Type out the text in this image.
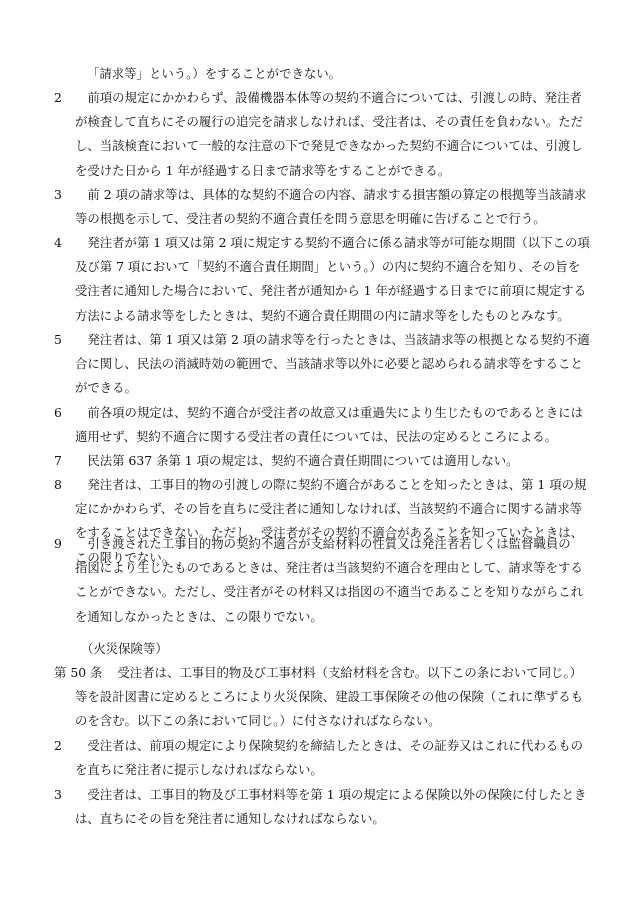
「請求等」という。）をすることができない。
2 　前項の規定にかかわらず、設備機器本体等の契約不適合については、引渡しの時、発注者
が検査して直ちにその履行の追完を請求しなければ、受注者は、その責任を負わない。ただ
し、当該検査において一般的な注意の下で発見できなかった契約不適合については、引渡し
を受けた日から 1 年が経過する日まで請求等をすることができる。
3 　前 2 項の請求等は、具体的な契約不適合の内容、請求する損害額の算定の根拠等当該請求
等の根拠を示して、受注者の契約不適合責任を問う意思を明確に告げることで行う。
4 　発注者が第 1 項又は第 2 項に規定する契約不適合に係る請求等が可能な期間（以下この項
及び第 7 項において「契約不適合責任期間」という。）の内に契約不適合を知り、その旨を
受注者に通知した場合において、発注者が通知から 1 年が経過する日までに前項に規定する
方法による請求等をしたときは、契約不適合責任期間の内に請求等をしたものとみなす。
5 　発注者は、第 1 項又は第 2 項の請求等を行ったときは、当該請求等の根拠となる契約不適
合に関し、民法の消滅時効の範囲で、当該請求等以外に必要と認められる請求等をすること
ができる。
6 　前各項の規定は、契約不適合が受注者の故意又は重過失により生じたものであるときには
適用せず、契約不適合に関する受注者の責任については、民法の定めるところによる。
7 　民法第 637 条第 1 項の規定は、契約不適合責任期間については適用しない。
8 　発注者は、工事目的物の引渡しの際に契約不適合があることを知ったときは、第 1 項の規
定にかかわらず、その旨を直ちに受注者に通知しなければ、当該契約不適合に関する請求等
をすることはできない。ただし、受注者がその契約不適合があることを知っていたときは、
この限りでない。
9 　引き渡された工事目的物の契約不適合が支給材料の性質又は発注者若しくは監督職員の
指図により生じたものであるときは、発注者は当該契約不適合を理由として、請求等をする
ことができない。ただし、受注者がその材料又は指図の不適当であることを知りながらこれ
を通知しなかったときは、この限りでない。
（火災保険等）
第 50 条 　受注者は、工事目的物及び工事材料（支給材料を含む。以下この条において同じ。）
等を設計図書に定めるところにより火災保険、建設工事保険その他の保険（これに準ずるも
のを含む。以下この条において同じ。）に付さなければならない。
2 　受注者は、前項の規定により保険契約を締結したときは、その証券又はこれに代わるもの
を直ちに発注者に提示しなければならない。
3 　受注者は、工事目的物及び工事材料等を第 1 項の規定による保険以外の保険に付したとき
は、直ちにその旨を発注者に通知しなければならない。
